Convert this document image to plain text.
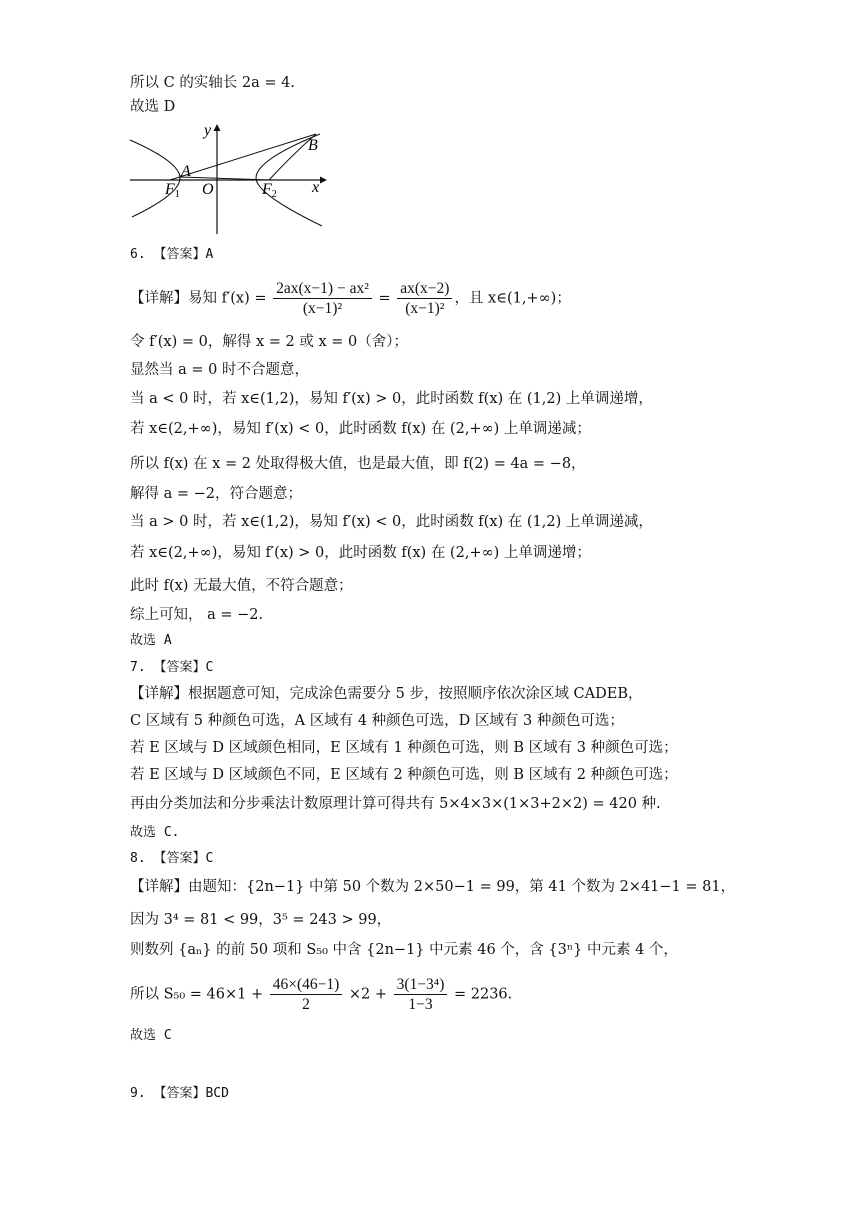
所以 C 的实轴长 2a = 4.
故选 D
y
x
A
B
F1 O	F2
6. 【答案】A
【详解】易知 $f'(x) = \frac{\text{2ax(x−1) − ax²}}{\text{(x−1)²}} = \frac{ax(x-2)}{\text{(x−1)²}}$ ，且 x∈(1,+∞)；
令 f′(x) = 0，解得 x = 2 或 x = 0（舍）；
显然当 a = 0 时不合题意，
当 a < 0 时，若 x∈(1,2)，易知 f′(x) > 0，此时函数 f(x) 在 (1,2) 上单调递增，
若 x∈(2,+∞)，易知 f′(x) < 0，此时函数 f(x) 在 (2,+∞) 上单调递减；
所以 f(x) 在 x = 2 处取得极大值，也是最大值，即 f(2) = 4a = −8，
解得 a = −2，符合题意；
当 a > 0 时，若 x∈(1,2)，易知 f′(x) < 0，此时函数 f(x) 在 (1,2) 上单调递减，
若 x∈(2,+∞)，易知 f′(x) > 0，此时函数 f(x) 在 (2,+∞) 上单调递增；
此时 f(x) 无最大值，不符合题意；
综上可知， a = −2.
故选 A
7. 【答案】C
【详解】根据题意可知，完成涂色需要分 5 步，按照顺序依次涂区域 CADEB，
C 区域有 5 种颜色可选，A 区域有 4 种颜色可选，D 区域有 3 种颜色可选；
若 E 区域与 D 区域颜色相同，E 区域有 1 种颜色可选，则 B 区域有 3 种颜色可选；
若 E 区域与 D 区域颜色不同，E 区域有 2 种颜色可选，则 B 区域有 2 种颜色可选；
再由分类加法和分步乘法计数原理计算可得共有 5×4×3×(1×3+2×2) = 420 种.
故选 C.
8. 【答案】C
【详解】由题知：{2n−1} 中第 50 个数为 2×50−1 = 99，第 41 个数为 2×41−1 = 81，
因为 3⁴ = 81 < 99，3⁵ = 243 > 99，
则数列 {aₙ} 的前 50 项和 S₅₀ 中含 {2n−1} 中元素 46 个，含 {3ⁿ} 中元素 4 个，
所以 $S_{50} = 46\times 1 + \frac{46\times(46-1)}{2} \times 2 + \frac{\text{3(1−3⁴)}}{1-3} = 2236$.
故选 C
9. 【答案】BCD
